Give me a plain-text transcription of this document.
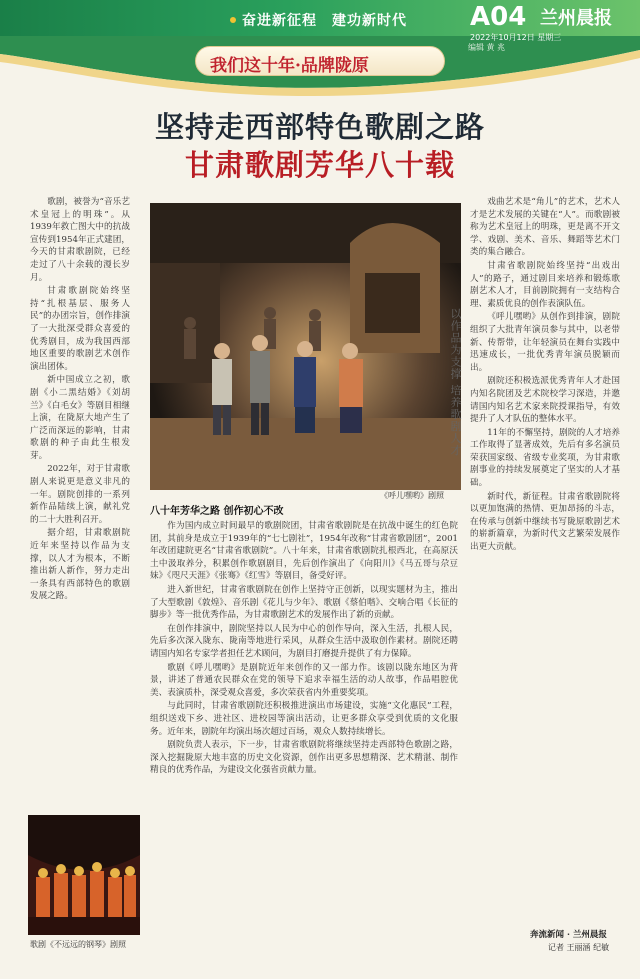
奋进新征程　建功新时代 A04 兰州晨报
2022年10月12日 星期三
编辑 黄 兆
我们这十年·品牌陇原
坚持走西部特色歌剧之路
甘肃歌剧芳华八十载

歌剧，被誉为“音乐艺术皇冠上的明珠”。从1939年救亡图大中的抗战宣传到1954年正式建团，今天的甘肃歌剧院，已经走过了八十余载的漫长岁月。

甘肃歌剧院始终坚持“扎根基层、服务人民”的办团宗旨，创作排演了一大批深受群众喜爱的优秀剧目，成为我国西部地区重要的歌剧艺术创作演出团体。

新中国成立之初，歌剧《小二黑结婚》《刘胡兰》《白毛女》等剧目相继上演，在陇原大地产生了广泛而深远的影响，甘肃歌剧的种子由此生根发芽。

2022年，对于甘肃歌剧人来说更是意义非凡的一年。剧院创排的一系列新作品陆续上演，献礼党的二十大胜利召开。

据介绍，甘肃歌剧院近年来坚持以作品为支撑，以人才为根本，不断推出新人新作，努力走出一条具有西部特色的歌剧发展之路。

《呼儿嘿哟》剧照
以作品为支撑 培养歌剧人才
八十年芳华之路 创作初心不改

作为国内成立时间最早的歌剧院团，甘肃省歌剧院是在抗战中诞生的红色院团，其前身是成立于1939年的“七七剧社”，1954年改称“甘肃省歌剧团”，2001年改团建院更名“甘肃省歌剧院”。八十年来，甘肃省歌剧院扎根西北，在高原沃土中汲取养分，积累创作歌剧剧目，先后创作演出了《向阳川》《马五哥与尕豆妹》《咫尺天涯》《张骞》《红雪》等剧目，备受好评。

进入新世纪，甘肃省歌剧院在创作上坚持守正创新，以现实题材为主，推出了大型歌剧《敦煌》、音乐剧《花儿与少年》、歌剧《蔡伯喈》、交响合唱《长征的脚步》等一批优秀作品，为甘肃歌剧艺术的发展作出了新的贡献。

在创作排演中，剧院坚持以人民为中心的创作导向，深入生活，扎根人民，先后多次深入陇东、陇南等地进行采风，从群众生活中汲取创作素材。剧院还聘请国内知名专家学者担任艺术顾问，为剧目打磨提升提供了有力保障。

歌剧《呼儿嘿哟》是剧院近年来创作的又一部力作。该剧以陇东地区为背景，讲述了普通农民群众在党的领导下追求幸福生活的动人故事，作品唱腔优美、表演质朴，深受观众喜爱，多次荣获省内外重要奖项。

与此同时，甘肃省歌剧院还积极推进演出市场建设，实施“文化惠民”工程，组织送戏下乡、进社区、进校园等演出活动，让更多群众享受到优质的文化服务。近年来，剧院年均演出场次超过百场，观众人数持续增长。

剧院负责人表示，下一步，甘肃省歌剧院将继续坚持走西部特色歌剧之路，深入挖掘陇原大地丰富的历史文化资源，创作出更多思想精深、艺术精湛、制作精良的优秀作品，为建设文化强省贡献力量。

戏曲艺术是“角儿”的艺术，艺术人才是艺术发展的关键在“人”。而歌剧被称为艺术皇冠上的明珠，更是离不开文学、戏剧、美术、音乐、舞蹈等艺术门类的集合融合。

甘肃省歌剧院始终坚持“出戏出人”的路子，通过剧目来培养和锻炼歌剧艺术人才，目前剧院拥有一支结构合理、素质优良的创作表演队伍。

《呼儿嘿哟》从创作到排演，剧院组织了大批青年演员参与其中，以老带新、传帮带，让年轻演员在舞台实践中迅速成长，一批优秀青年演员脱颖而出。

剧院还积极选派优秀青年人才赴国内知名院团及艺术院校学习深造，并邀请国内知名艺术家来院授课指导，有效提升了人才队伍的整体水平。

11年的不懈坚持，剧院的人才培养工作取得了显著成效，先后有多名演员荣获国家级、省级专业奖项，为甘肃歌剧事业的持续发展奠定了坚实的人才基础。

新时代，新征程。甘肃省歌剧院将以更加饱满的热情、更加昂扬的斗志，在传承与创新中继续书写陇原歌剧艺术的崭新篇章，为新时代文艺繁荣发展作出更大贡献。

歌剧《不远远的钢琴》剧照
奔流新闻 · 兰州晨报
记者 王丽涵 纪敏
